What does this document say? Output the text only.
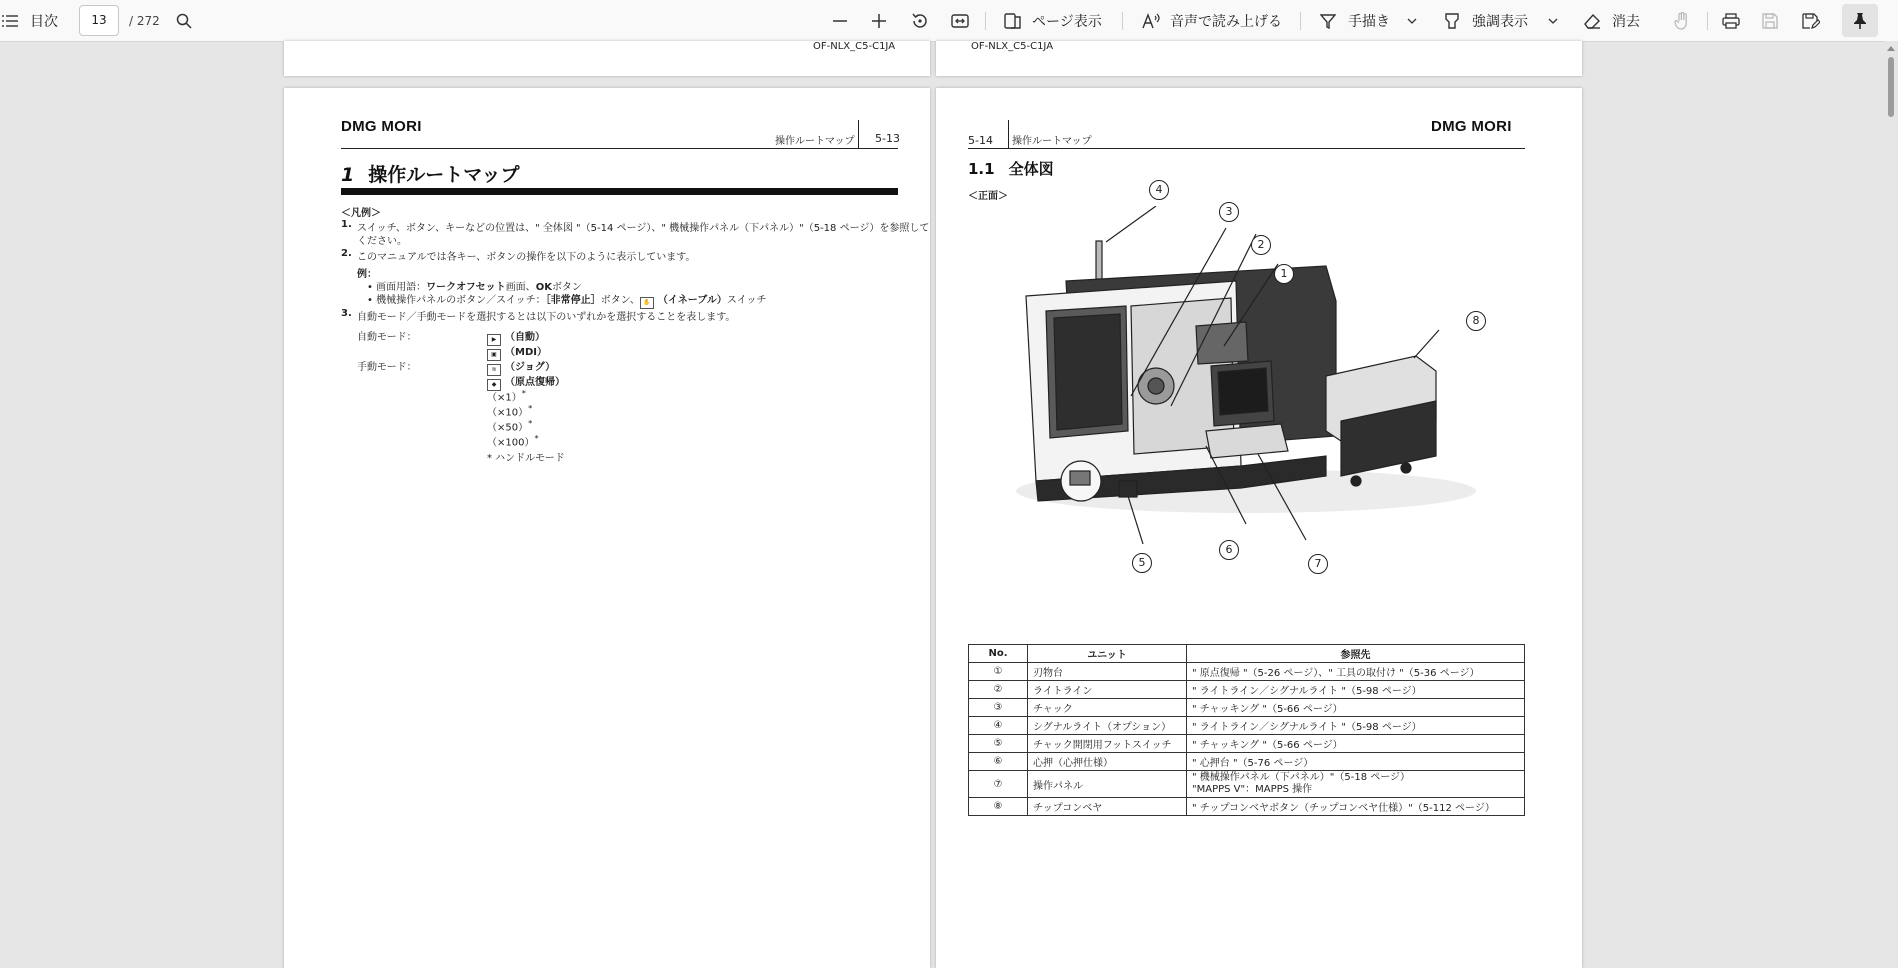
目次	13	/ 272	ページ表示	音声で読み上げる	手描き	強調表示	消去
OF-NLX_C5-C1JA	OF-NLX_C5-C1JA
DMG MORI
操作ルートマップ 5-13
1 操作ルートマップ
＜凡例＞
1. スイッチ、ボタン、キーなどの位置は、" 全体図 "（5-14 ページ）、" 機械操作パネル（下パネル）"（5-18 ページ）を参照して
ください。
2. このマニュアルでは各キー、ボタンの操作を以下のように表示しています。
例：
• 画面用語：ワークオフセット画面、OKボタン
• 機械操作パネルのボタン／スイッチ：［非常停止］ボタン、 ✋ （イネーブル）スイッチ
3. 自動モード／手動モードを選択するとは以下のいずれかを選択することを表します。
自動モード：
手動モード：
▶ （自動）
▣ （MDI）
≋ （ジョグ）
◆ （原点復帰）
（×1）*
（×10）*
（×50）*
（×100）*
* ハンドルモード
5-14 操作ルートマップ
DMG MORI
1.1 全体図
＜正面＞
4
3
2
1
8
5
6
7
No.	ユニット	参照先
①	刃物台	" 原点復帰 "（5-26 ページ）、" 工具の取付け "（5-36 ページ）
②	ライトライン	" ライトライン／シグナルライト "（5-98 ページ）
③	チャック	" チャッキング "（5-66 ページ）
④	シグナルライト（オプション）	" ライトライン／シグナルライト "（5-98 ページ）
⑤	チャック開閉用フットスイッチ	" チャッキング "（5-66 ページ）
⑥	心押（心押仕様）	" 心押台 "（5-76 ページ）
⑦	操作パネル	" 機械操作パネル（下パネル）"（5-18 ページ）
"MAPPS V"：MAPPS 操作

⑧	チップコンベヤ	" チップコンベヤボタン（チップコンベヤ仕様）"（5-112 ページ）
